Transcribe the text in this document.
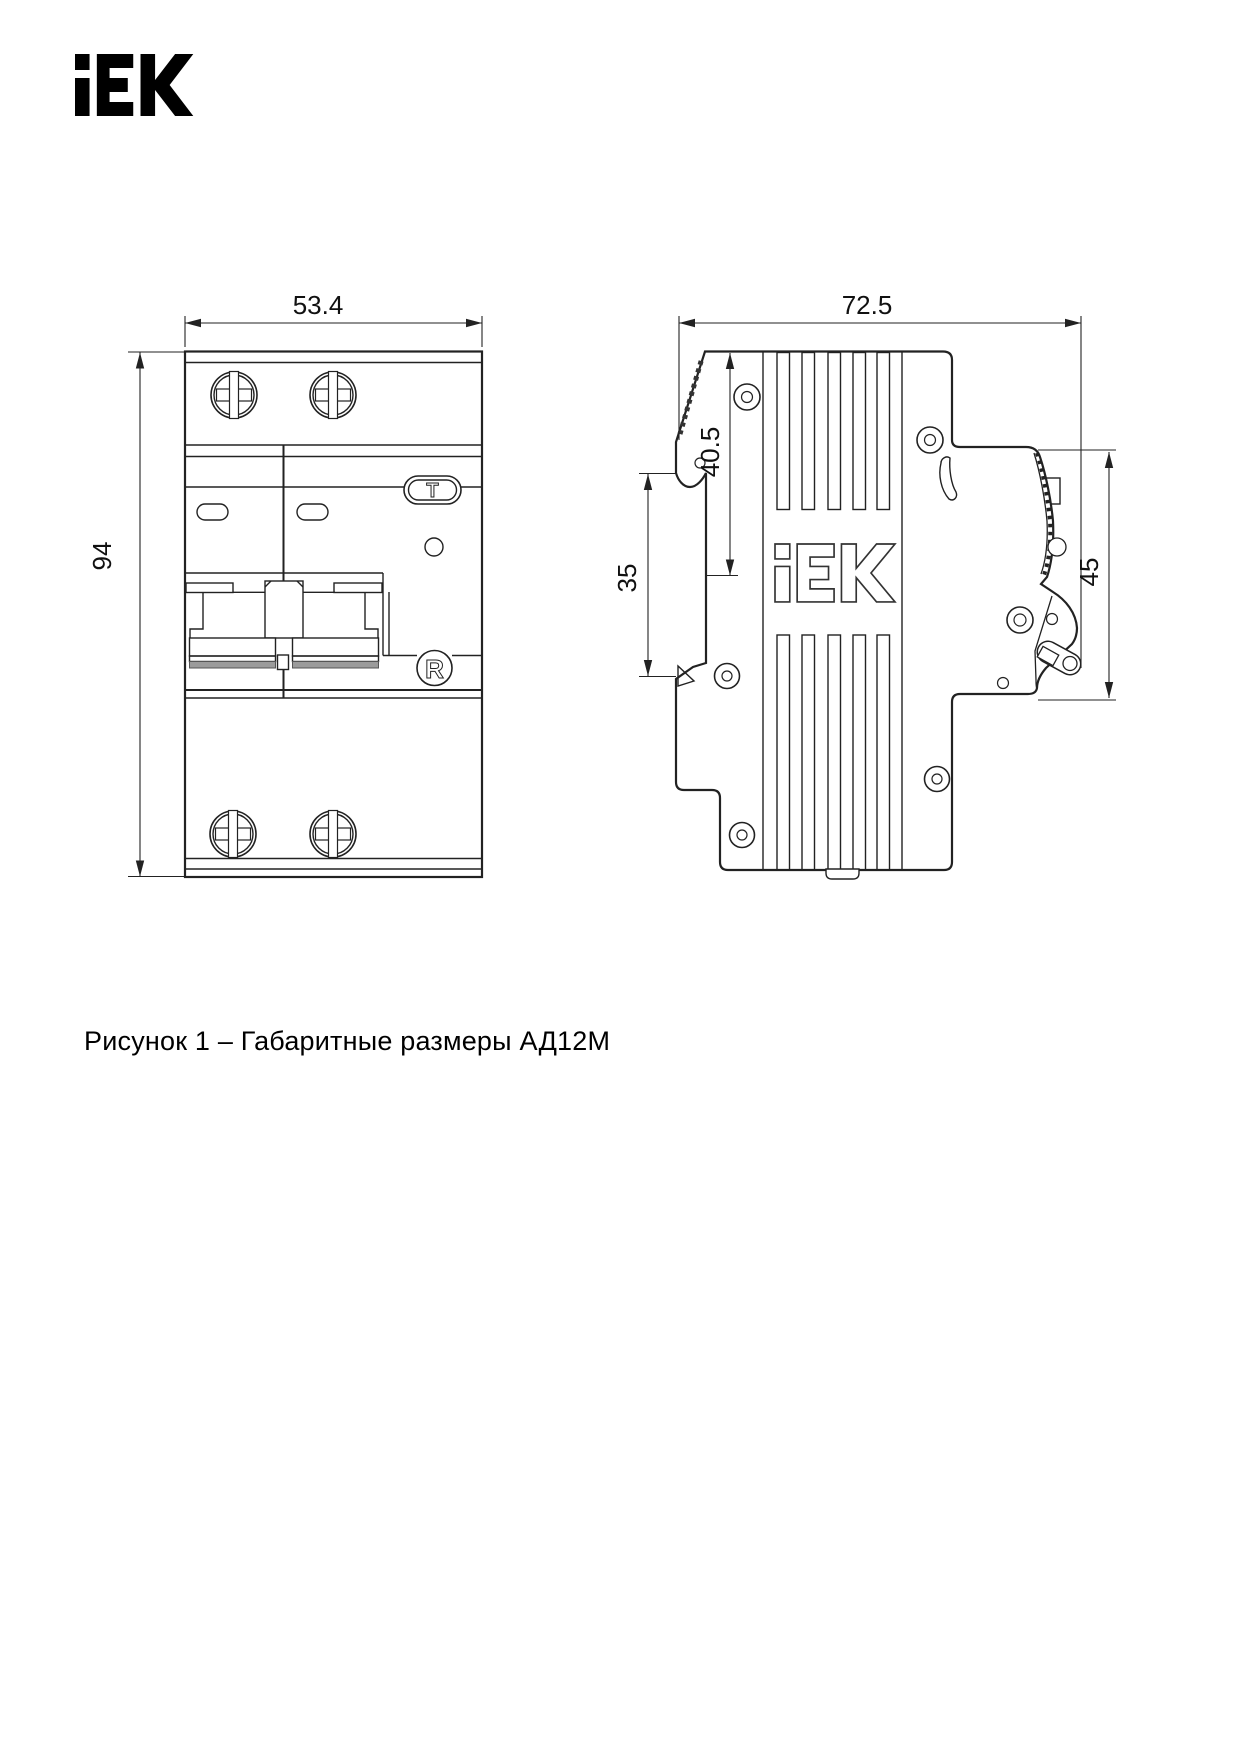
T
R
53.4
94
72.5
40.5
35	45
Рисунок 1 – Габаритные размеры АД12М
